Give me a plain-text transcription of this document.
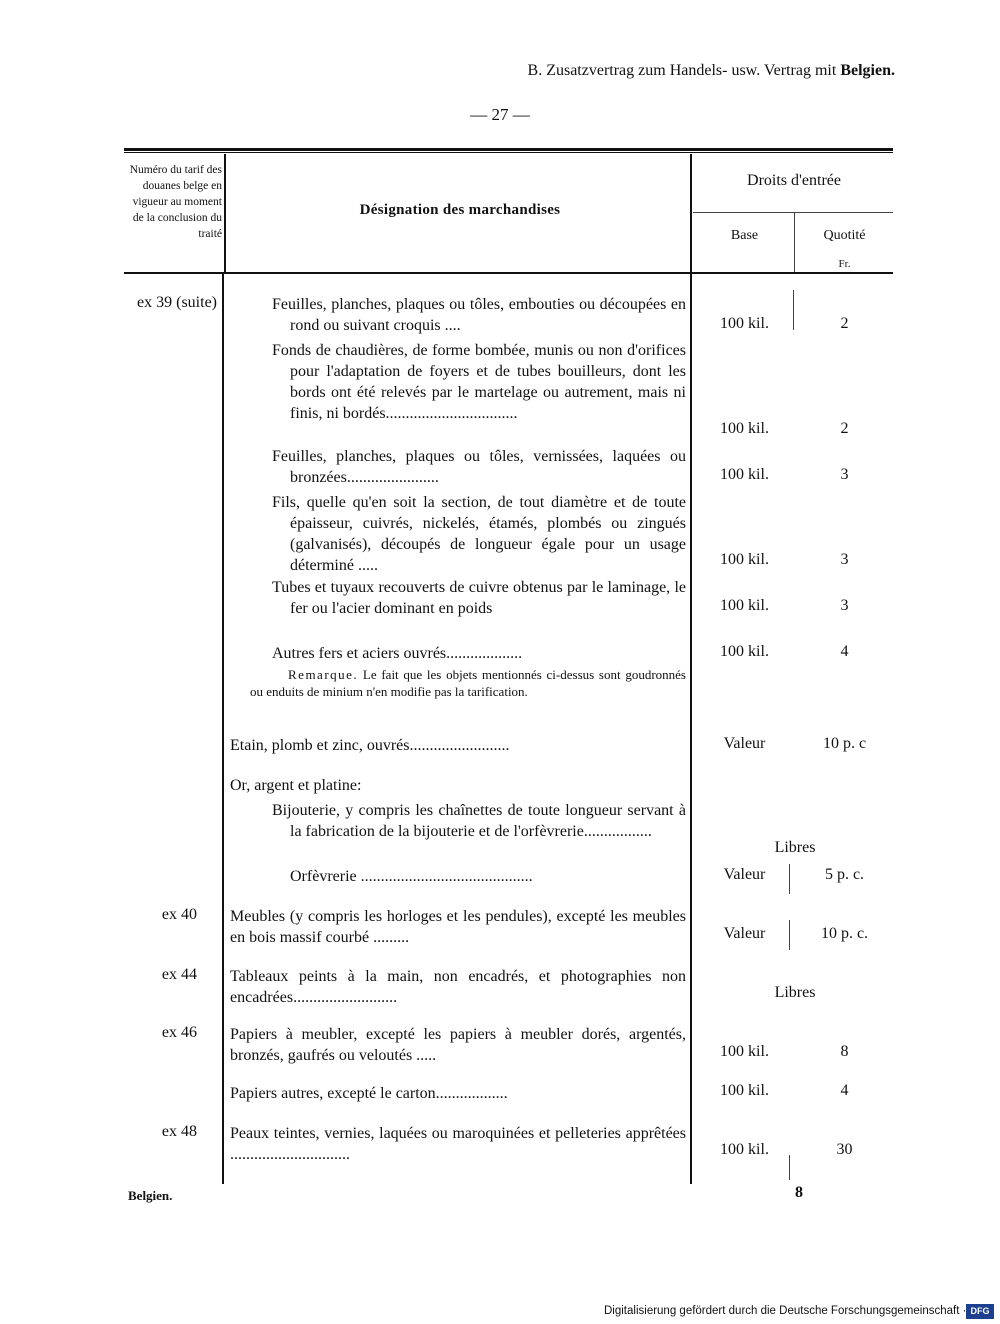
B. Zusatzvertrag zum Handels- usw. Vertrag mit Belgien.
— 27 —
Numéro du tarif des douanes belge en vigueur au moment de la conclusion du traité
Désignation des marchandises
Droits d'entrée
Base	Quotité
Fr.
ex 39 (suite)	Feuilles, planches, plaques ou tôles, embouties ou découpées en rond ou suivant croquis ....	100 kil.	2
Fonds de chaudières, de forme bombée, munis ou non d'orifices pour l'adaptation de foyers et de tubes bouilleurs, dont les bords ont été relevés par le martelage ou autrement, mais ni finis, ni bordés.................................
100 kil.	2
Feuilles, planches, plaques ou tôles, vernissées, laquées ou bronzées.......................	100 kil.	3
Fils, quelle qu'en soit la section, de tout diamètre et de toute épaisseur, cuivrés, nickelés, étamés, plombés ou zingués (galvanisés), découpés de longueur égale pour un usage déterminé .....	100 kil.	3
Tubes et tuyaux recouverts de cuivre obtenus par le laminage, le fer ou l'acier dominant en poids	100 kil.	3
Autres fers et aciers ouvrés...................	100 kil.	4
Remarque. Le fait que les objets mentionnés ci-dessus sont goudronnés ou enduits de minium n'en modifie pas la tarification.
Etain, plomb et zinc, ouvrés.........................	Valeur	10 p. c
Or, argent et platine:
Bijouterie, y compris les chaînettes de toute longueur servant à la fabrication de la bijouterie et de l'orfèvrerie.................
Libres
Orfèvrerie ...........................................	Valeur	5 p. c.
ex 40 Meubles (y compris les horloges et les pendules), excepté les meubles en bois massif courbé .........	Valeur	10 p. c.
ex 44 Tableaux peints à la main, non encadrés, et photographies non encadrées..........................	Libres
ex 46 Papiers à meubler, excepté les papiers à meubler dorés, argentés, bronzés, gaufrés ou veloutés .....	100 kil.	8
Papiers autres, excepté le carton..................	100 kil.	4
ex 48 Peaux teintes, vernies, laquées ou maroquinées et pelleteries apprêtées ..............................	100 kil.	30
Belgien.	8
Digitalisierung gefördert durch die Deutsche Forschungsgemeinschaft · DFG
